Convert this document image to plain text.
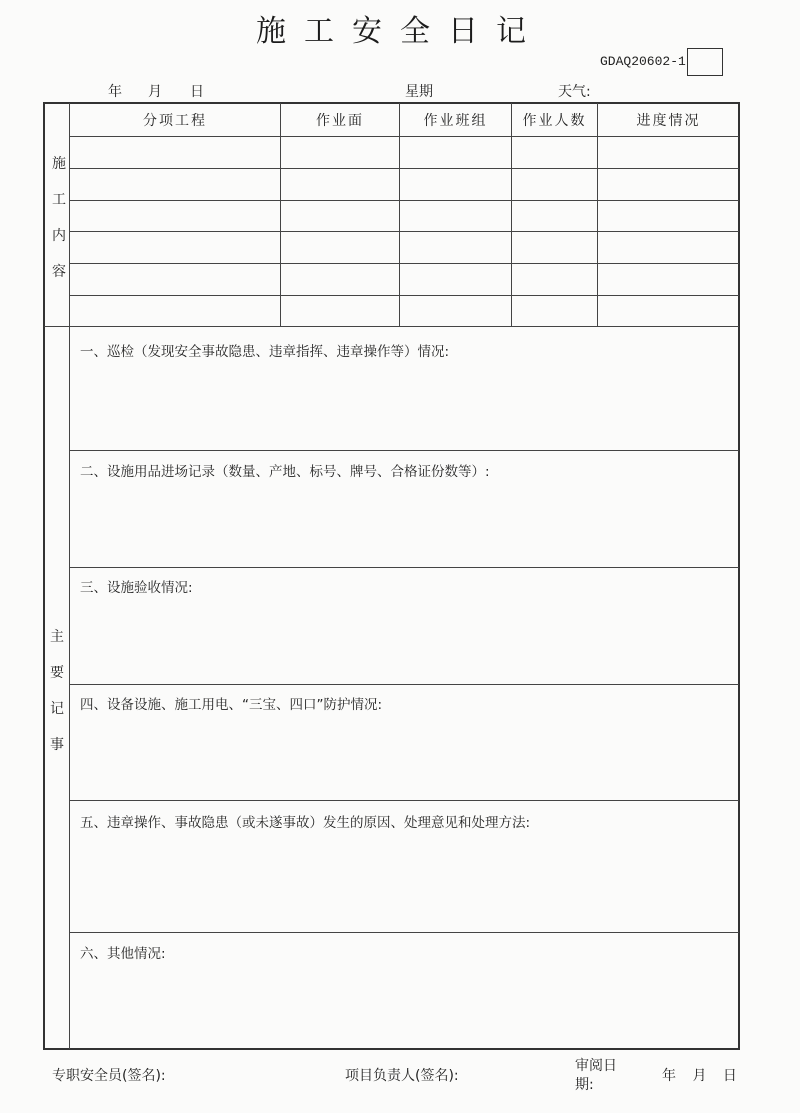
施工安全日记
GDAQ20602-1
年 月 日	星期	天气:
分项工程	作业面	作业班组	作业人数	进度情况
施
工
内
容
主
要
记
事
一、巡检（发现安全事故隐患、违章指挥、违章操作等）情况:
二、设施用品进场记录（数量、产地、标号、牌号、合格证份数等）:
三、设施验收情况:
四、设备设施、施工用电、“三宝、四口”防护情况:
五、违章操作、事故隐患（或未遂事故）发生的原因、处理意见和处理方法:
六、其他情况:
专职安全员(签名):	项目负责人(签名):
审阅日
期:
年 月 日
